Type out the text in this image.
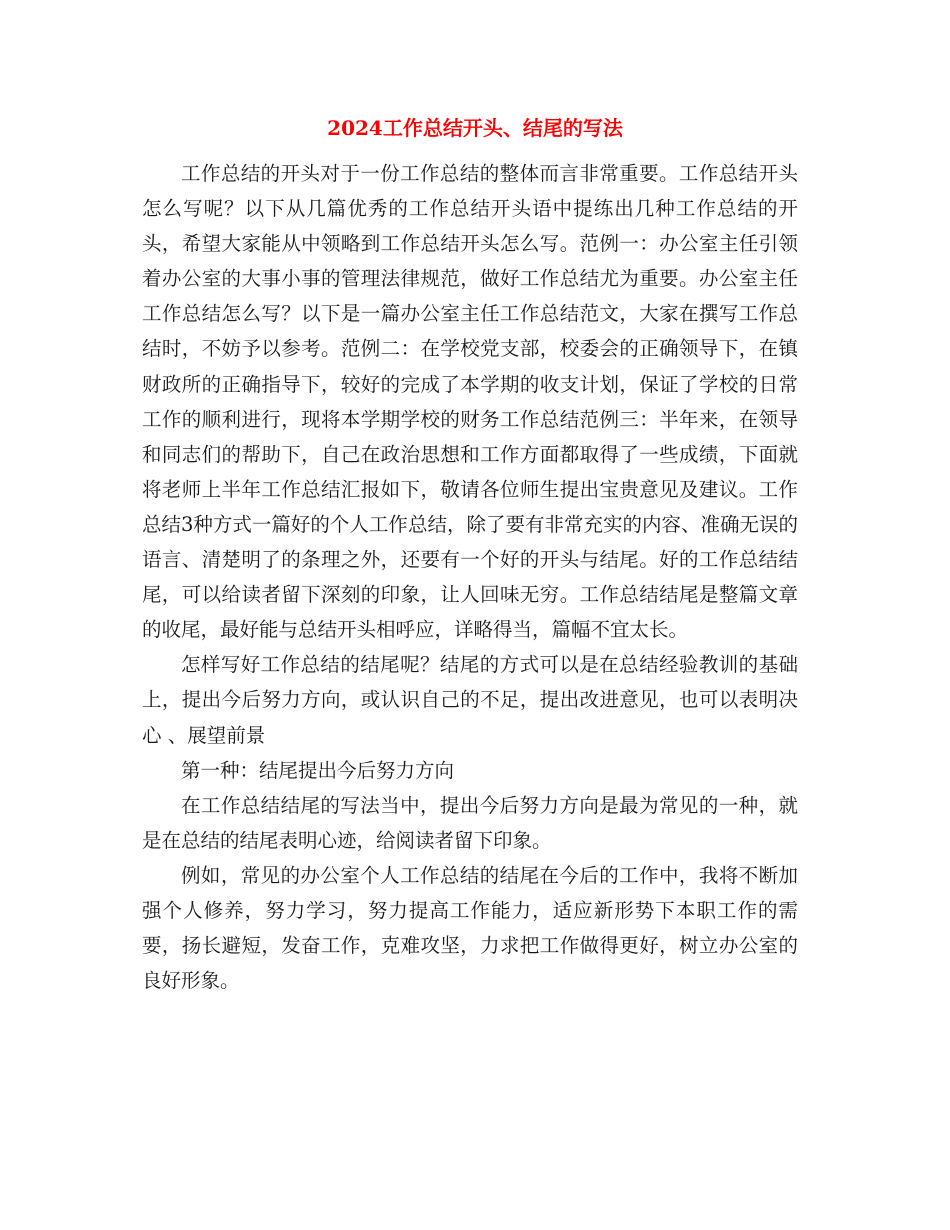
2024工作总结开头、结尾的写法

工作总结的开头对于一份工作总结的整体而言非常重要。工作总结开头怎么写呢？以下从几篇优秀的工作总结开头语中提练出几种工作总结的开头，希望大家能从中领略到工作总结开头怎么写。范例一：办公室主任引领着办公室的大事小事的管理法律规范，做好工作总结尤为重要。办公室主任工作总结怎么写？以下是一篇办公室主任工作总结范文，大家在撰写工作总结时，不妨予以参考。范例二：在学校党支部，校委会的正确领导下，在镇财政所的正确指导下，较好的完成了本学期的收支计划，保证了学校的日常工作的顺利进行，现将本学期学校的财务工作总结范例三：半年来，在领导和同志们的帮助下，自己在政治思想和工作方面都取得了一些成绩，下面就将老师上半年工作总结汇报如下，敬请各位师生提出宝贵意见及建议。工作总结3种方式一篇好的个人工作总结，除了要有非常充实的内容、准确无误的语言、清楚明了的条理之外，还要有一个好的开头与结尾。好的工作总结结尾，可以给读者留下深刻的印象，让人回味无穷。工作总结结尾是整篇文章的收尾，最好能与总结开头相呼应，详略得当，篇幅不宜太长。

怎样写好工作总结的结尾呢？结尾的方式可以是在总结经验教训的基础上，提出今后努力方向，或认识自己的不足，提出改进意见，也可以表明决心 、展望前景

第一种：结尾提出今后努力方向

在工作总结结尾的写法当中，提出今后努力方向是最为常见的一种，就是在总结的结尾表明心迹，给阅读者留下印象。

例如，常见的办公室个人工作总结的结尾在今后的工作中，我将不断加强个人修养，努力学习，努力提高工作能力，适应新形势下本职工作的需要，扬长避短，发奋工作，克难攻坚，力求把工作做得更好，树立办公室的良好形象。
